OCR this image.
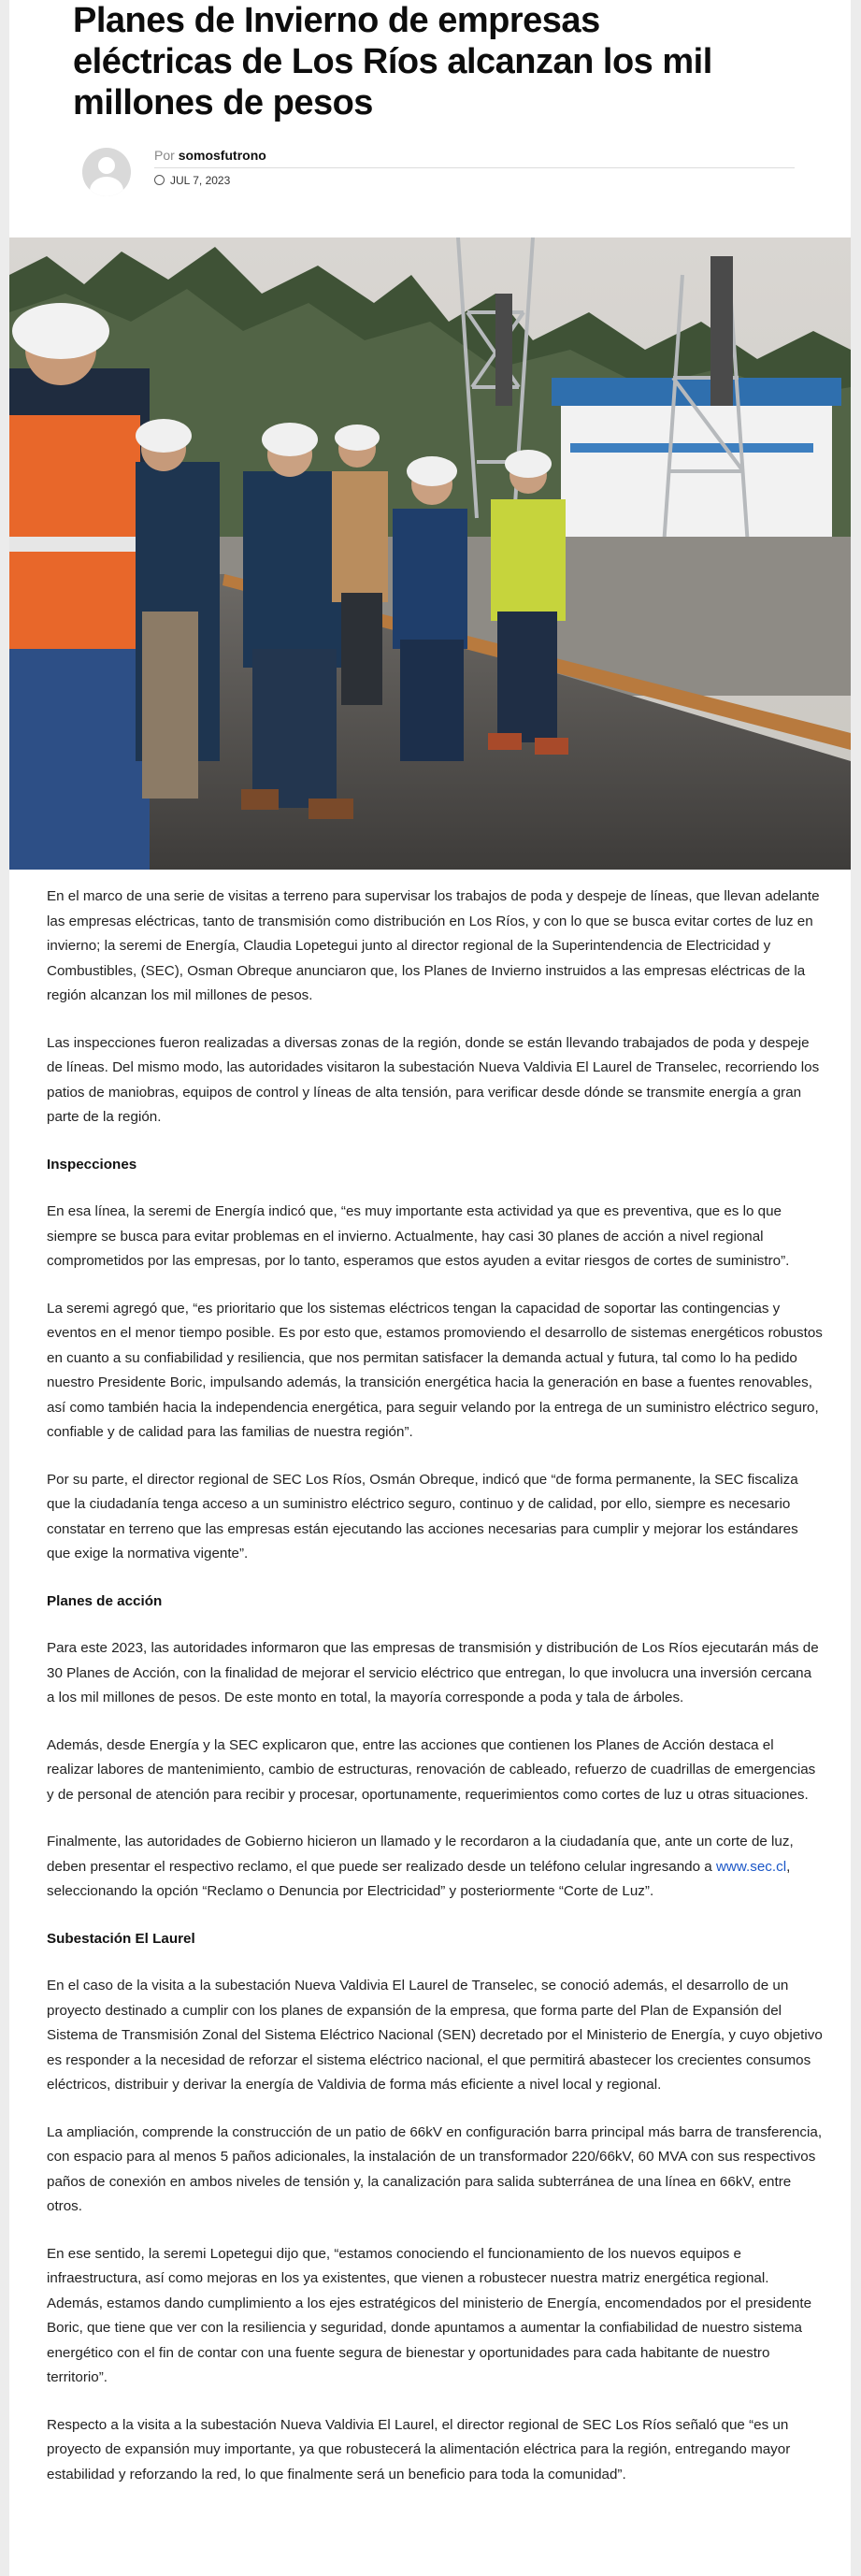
Planes de Invierno de empresas eléctricas de Los Ríos alcanzan los mil millones de pesos
Por somosfutrono
JUL 7, 2023

En el marco de una serie de visitas a terreno para supervisar los trabajos de poda y despeje de líneas, que llevan adelante las empresas eléctricas, tanto de transmisión como distribución en Los Ríos, y con lo que se busca evitar cortes de luz en invierno; la seremi de Energía, Claudia Lopetegui junto al director regional de la Superintendencia de Electricidad y Combustibles, (SEC), Osman Obreque anunciaron que, los Planes de Invierno instruidos a las empresas eléctricas de la región alcanzan los mil millones de pesos.

Las inspecciones fueron realizadas a diversas zonas de la región, donde se están llevando trabajados de poda y despeje de líneas. Del mismo modo, las autoridades visitaron la subestación Nueva Valdivia El Laurel de Transelec, recorriendo los patios de maniobras, equipos de control y líneas de alta tensión, para verificar desde dónde se transmite energía a gran parte de la región.

Inspecciones

En esa línea, la seremi de Energía indicó que, “es muy importante esta actividad ya que es preventiva, que es lo que siempre se busca para evitar problemas en el invierno. Actualmente, hay casi 30 planes de acción a nivel regional comprometidos por las empresas, por lo tanto, esperamos que estos ayuden a evitar riesgos de cortes de suministro”.

La seremi agregó que, “es prioritario que los sistemas eléctricos tengan la capacidad de soportar las contingencias y eventos en el menor tiempo posible. Es por esto que, estamos promoviendo el desarrollo de sistemas energéticos robustos en cuanto a su confiabilidad y resiliencia, que nos permitan satisfacer la demanda actual y futura, tal como lo ha pedido nuestro Presidente Boric, impulsando además, la transición energética hacia la generación en base a fuentes renovables, así como también hacia la independencia energética, para seguir velando por la entrega de un suministro eléctrico seguro, confiable y de calidad para las familias de nuestra región”.

Por su parte, el director regional de SEC Los Ríos, Osmán Obreque, indicó que “de forma permanente, la SEC fiscaliza que la ciudadanía tenga acceso a un suministro eléctrico seguro, continuo y de calidad, por ello, siempre es necesario constatar en terreno que las empresas están ejecutando las acciones necesarias para cumplir y mejorar los estándares que exige la normativa vigente”.

Planes de acción

Para este 2023, las autoridades informaron que las empresas de transmisión y distribución de Los Ríos ejecutarán más de 30 Planes de Acción, con la finalidad de mejorar el servicio eléctrico que entregan, lo que involucra una inversión cercana a los mil millones de pesos. De este monto en total, la mayoría corresponde a poda y tala de árboles.

Además, desde Energía y la SEC explicaron que, entre las acciones que contienen los Planes de Acción destaca el realizar labores de mantenimiento, cambio de estructuras, renovación de cableado, refuerzo de cuadrillas de emergencias y de personal de atención para recibir y procesar, oportunamente, requerimientos como cortes de luz u otras situaciones.

Finalmente, las autoridades de Gobierno hicieron un llamado y le recordaron a la ciudadanía que, ante un corte de luz, deben presentar el respectivo reclamo, el que puede ser realizado desde un teléfono celular ingresando a www.sec.cl, seleccionando la opción “Reclamo o Denuncia por Electricidad” y posteriormente “Corte de Luz”.

Subestación El Laurel

En el caso de la visita a la subestación Nueva Valdivia El Laurel de Transelec, se conoció además, el desarrollo de un proyecto destinado a cumplir con los planes de expansión de la empresa, que forma parte del Plan de Expansión del Sistema de Transmisión Zonal del Sistema Eléctrico Nacional (SEN) decretado por el Ministerio de Energía, y cuyo objetivo es responder a la necesidad de reforzar el sistema eléctrico nacional, el que permitirá abastecer los crecientes consumos eléctricos, distribuir y derivar la energía de Valdivia de forma más eficiente a nivel local y regional.

La ampliación, comprende la construcción de un patio de 66kV en configuración barra principal más barra de transferencia, con espacio para al menos 5 paños adicionales, la instalación de un transformador 220/66kV, 60 MVA con sus respectivos paños de conexión en ambos niveles de tensión y, la canalización para salida subterránea de una línea en 66kV, entre otros.

En ese sentido, la seremi Lopetegui dijo que, “estamos conociendo el funcionamiento de los nuevos equipos e infraestructura, así como mejoras en los ya existentes, que vienen a robustecer nuestra matriz energética regional. Además, estamos dando cumplimiento a los ejes estratégicos del ministerio de Energía, encomendados por el presidente Boric, que tiene que ver con la resiliencia y seguridad, donde apuntamos a aumentar la confiabilidad de nuestro sistema energético con el fin de contar con una fuente segura de bienestar y oportunidades para cada habitante de nuestro territorio”.

Respecto a la visita a la subestación Nueva Valdivia El Laurel, el director regional de SEC Los Ríos señaló que “es un proyecto de expansión muy importante, ya que robustecerá la alimentación eléctrica para la región, entregando mayor estabilidad y reforzando la red, lo que finalmente será un beneficio para toda la comunidad”.
